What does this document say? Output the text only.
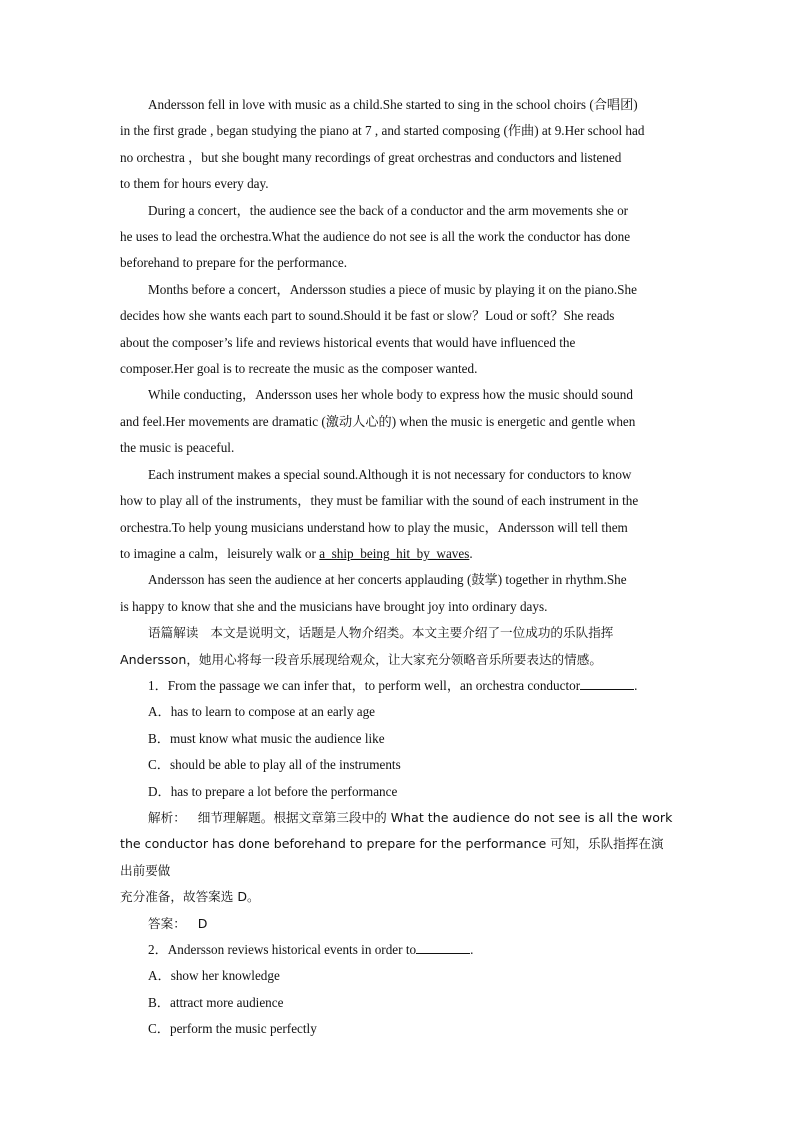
Andersson fell in love with music as a child.She started to sing in the school choirs (合唱团)

in the first grade , began studying the piano at 7 , and started composing (作曲) at 9.Her school had

no orchestra ，but she bought many recordings of great orchestras and conductors and listened

to them for hours every day.

During a concert，the audience see the back of a conductor and the arm movements she or

he uses to lead the orchestra.What the audience do not see is all the work the conductor has done

beforehand to prepare for the performance.

Months before a concert，Andersson studies a piece of music by playing it on the piano.She

decides how she wants each part to sound.Should it be fast or slow？Loud or soft？She reads

about the composer’s life and reviews historical events that would have influenced the

composer.Her goal is to recreate the music as the composer wanted.

While conducting，Andersson uses her whole body to express how the music should sound

and feel.Her movements are dramatic (激动人心的) when the music is energetic and gentle when

the music is peaceful.

Each instrument makes a special sound.Although it is not necessary for conductors to know

how to play all of the instruments，they must be familiar with the sound of each instrument in the

orchestra.To help young musicians understand how to play the music，Andersson will tell them

to imagine a calm，leisurely walk or a_ship_being_hit_by_waves.

Andersson has seen the audience at her concerts applauding (鼓掌) together in rhythm.She

is happy to know that she and the musicians have brought joy into ordinary days.

语篇解读 本文是说明文，话题是人物介绍类。本文主要介绍了一位成功的乐队指挥

Andersson，她用心将每一段音乐展现给观众，让大家充分领略音乐所要表达的情感。

1．From the passage we can infer that，to perform well，an orchestra conductor	.

A．has to learn to compose at an early age

B．must know what music the audience like

C．should be able to play all of the instruments

D．has to prepare a lot before the performance

解析： 细节理解题。根据文章第三段中的 What the audience do not see is all the work

the conductor has done beforehand to prepare for the performance 可知，乐队指挥在演出前要做

充分准备，故答案选 D。

答案： D

2．Andersson reviews historical events in order to	.

A．show her knowledge

B．attract more audience

C．perform the music perfectly
